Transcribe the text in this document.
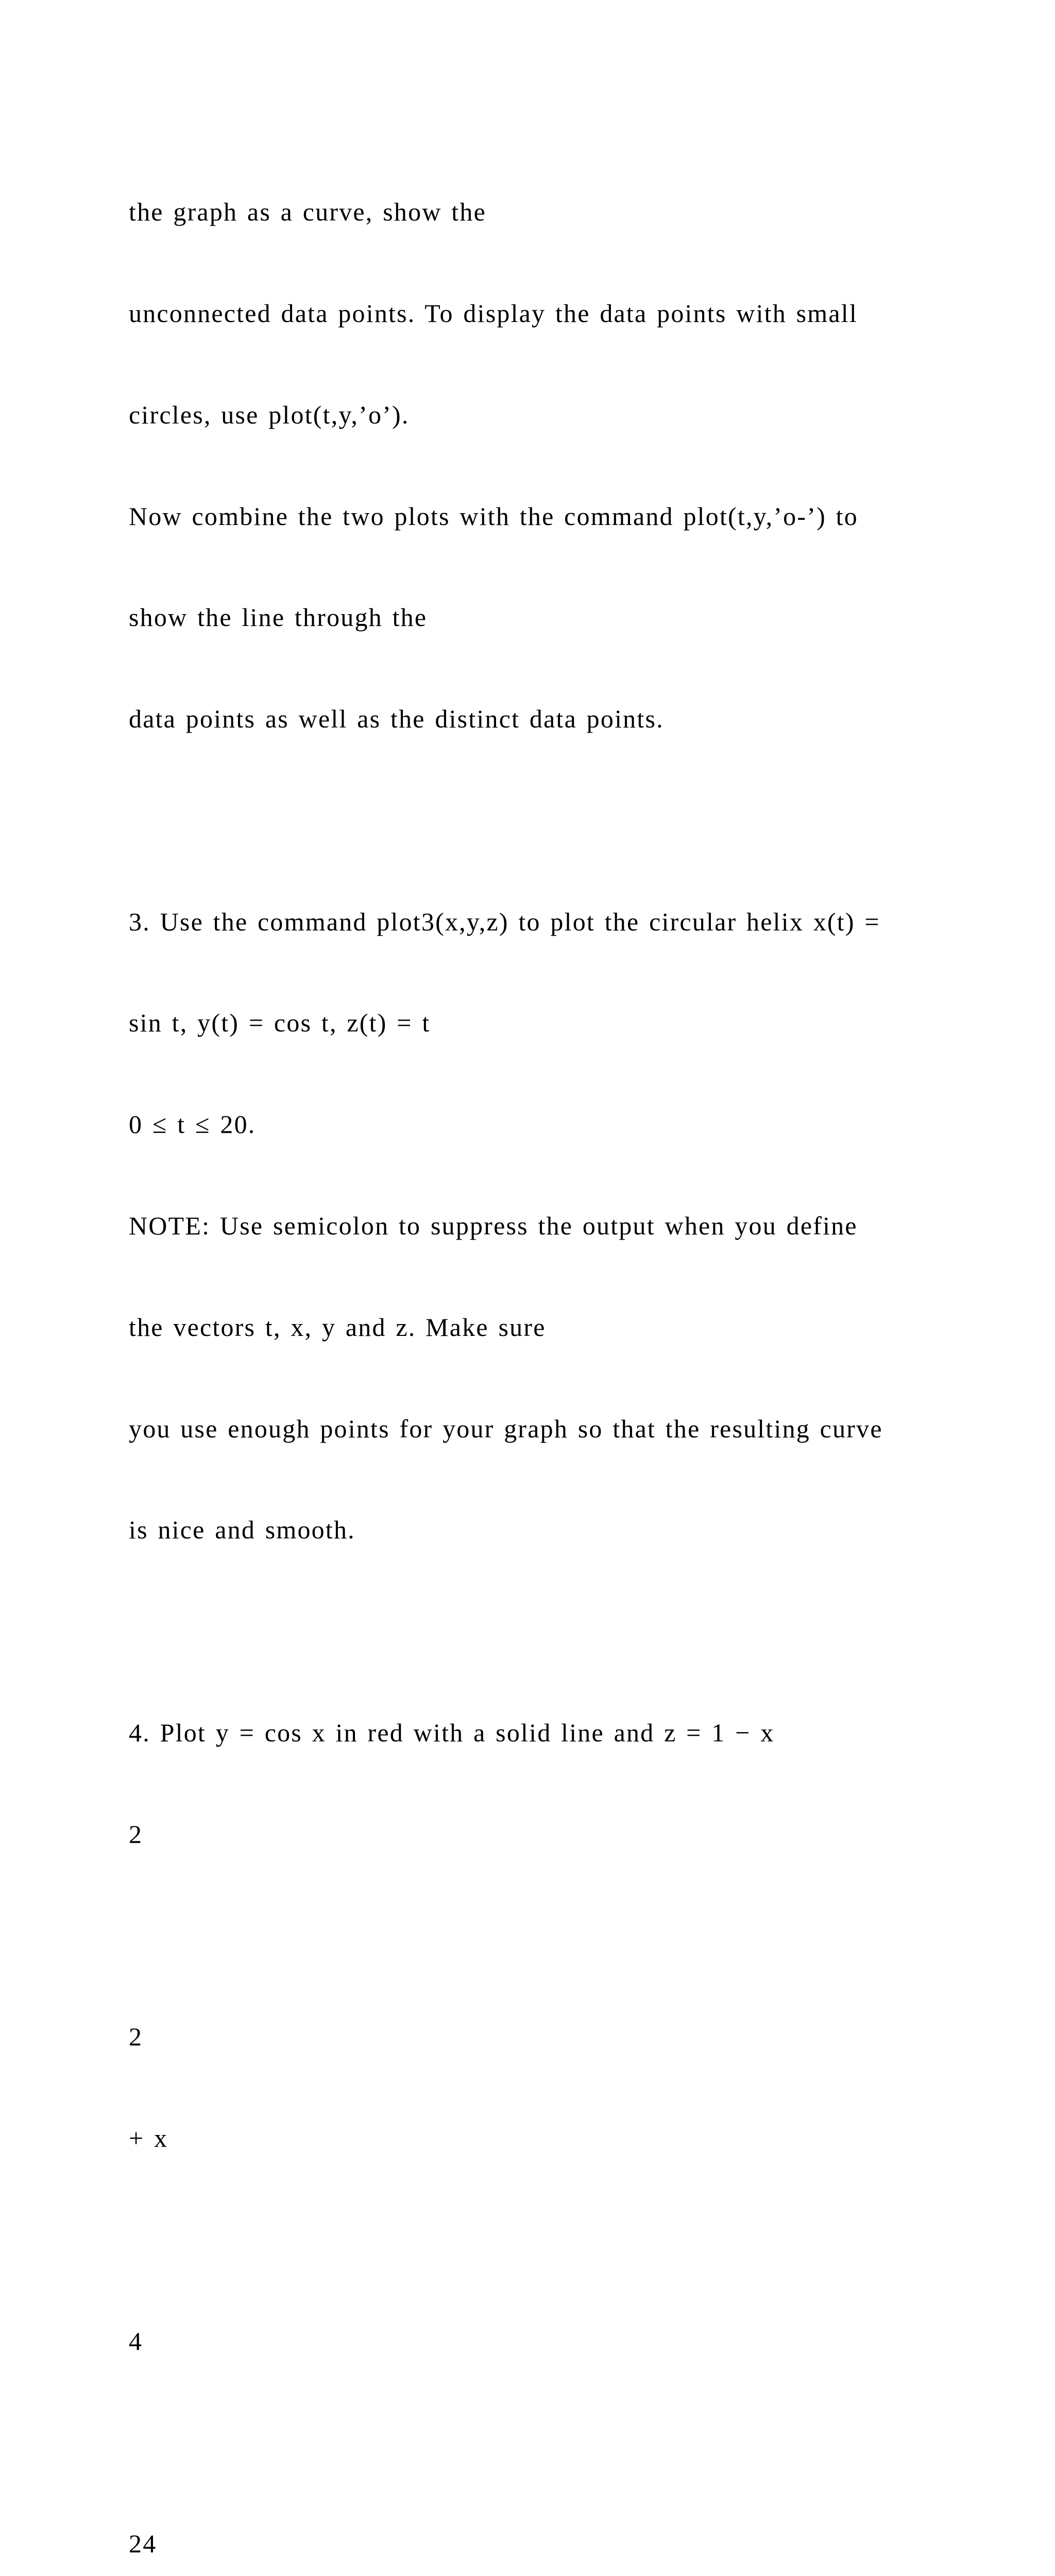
the graph as a curve, show the

unconnected data points. To display the data points with small

circles, use plot(t,y,’o’).

Now combine the two plots with the command plot(t,y,’o-’) to

show the line through the

data points as well as the distinct data points.

3. Use the command plot3(x,y,z) to plot the circular helix x(t) =

sin t, y(t) = cos t, z(t) = t

0 ≤ t ≤ 20.

NOTE: Use semicolon to suppress the output when you define

the vectors t, x, y and z. Make sure

you use enough points for your graph so that the resulting curve

is nice and smooth.

4. Plot y = cos x in red with a solid line and z = 1 − x

2

2

+ x

4

24
